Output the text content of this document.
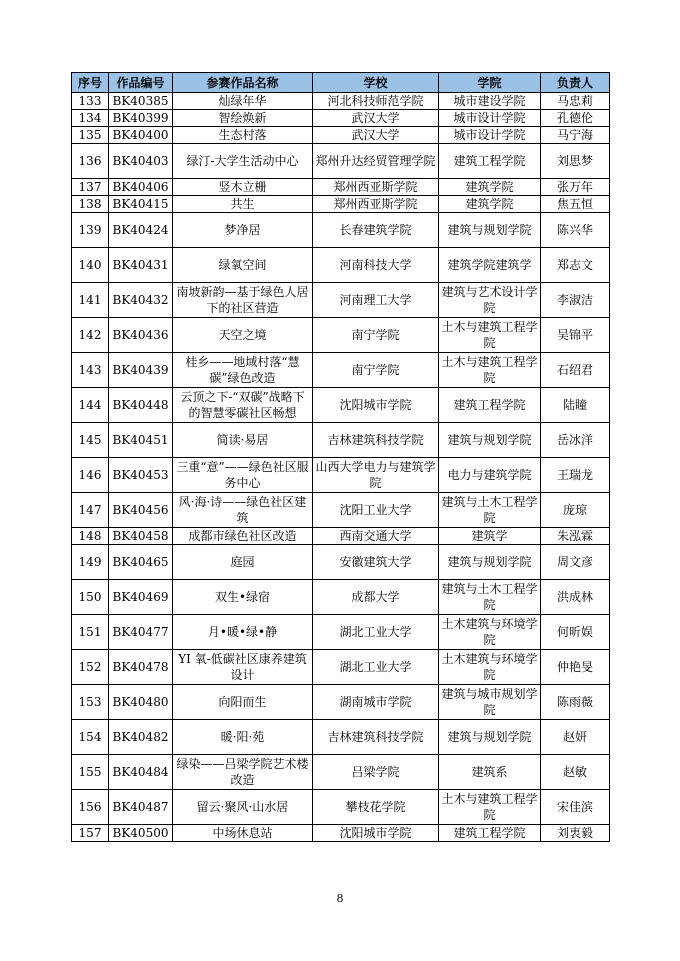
序号	作品编号	参赛作品名称	学校	学院	负责人
133	BK40385	灿绿年华	河北科技师范学院	城市建设学院	马忠莉
134	BK40399	智绘焕新	武汉大学	城市设计学院	孔德伦
135	BK40400	生态村落	武汉大学	城市设计学院	马宁海
136	BK40403	绿汀-大学生活动中心	郑州升达经贸管理学院	建筑工程学院	刘思梦
137	BK40406	竖木立栅	郑州西亚斯学院	建筑学院	张万年
138	BK40415	共生	郑州西亚斯学院	建筑学院	焦五恒
139	BK40424	梦净居	长春建筑学院	建筑与规划学院	陈兴华
140	BK40431	绿氧空间	河南科技大学	建筑学院建筑学	郑志文
141	BK40432	南坡新韵—基于绿色人居下的社区营造	河南理工大学	建筑与艺术设计学院	李淑洁
142	BK40436	天空之境	南宁学院	土木与建筑工程学院	吴锦平
143	BK40439	桂乡——地域村落“慧碳”绿色改造	南宁学院	土木与建筑工程学院	石绍君
144	BK40448	云顶之下-“双碳”战略下的智慧零碳社区畅想	沈阳城市学院	建筑工程学院	陆瞳
145	BK40451	简读·易居	吉林建筑科技学院	建筑与规划学院	岳冰洋
146	BK40453	三重“意”——绿色社区服务中心	山西大学电力与建筑学院	电力与建筑学院	王瑞龙
147	BK40456	风·海·诗——绿色社区建筑	沈阳工业大学	建筑与土木工程学院	庞琼
148	BK40458	成都市绿色社区改造	西南交通大学	建筑学	朱泓霖
149	BK40465	庭园	安徽建筑大学	建筑与规划学院	周文彦
150	BK40469	双生•绿宿	成都大学	建筑与土木工程学院	洪成林
151	BK40477	月•暖•绿•静	湖北工业大学	土木建筑与环境学院	何昕娱
152	BK40478	YI 氧-低碳社区康养建筑设计	湖北工业大学	土木建筑与环境学院	仲艳旻
153	BK40480	向阳而生	湖南城市学院	建筑与城市规划学院	陈雨薇
154	BK40482	暖·阳·苑	吉林建筑科技学院	建筑与规划学院	赵妍
155	BK40484	绿染——吕梁学院艺术楼改造	吕梁学院	建筑系	赵敏
156	BK40487	留云·聚风·山水居	攀枝花学院	土木与建筑工程学院	宋佳滨
157	BK40500	中场休息站	沈阳城市学院	建筑工程学院	刘衷毅
8
